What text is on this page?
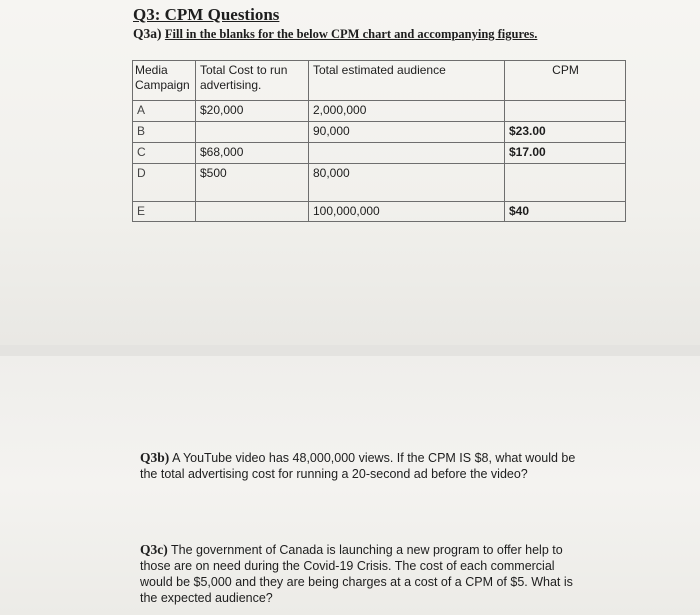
Q3: CPM Questions

Q3a) Fill in the blanks for the below CPM chart and accompanying figures.

Media Campaign	Total Cost to run advertising.	Total estimated audience	CPM
A	$20,000	2,000,000	
B		90,000	$23.00
C	$68,000		$17.00
D	$500	80,000	
E		100,000,000	$40

Q3b) A YouTube video has 48,000,000 views. If the CPM IS $8, what would be the total advertising cost for running a 20-second ad before the video?

Q3c) The government of Canada is launching a new program to offer help to those are on need during the Covid-19 Crisis. The cost of each commercial would be $5,000 and they are being charges at a cost of a CPM of $5. What is the expected audience?
